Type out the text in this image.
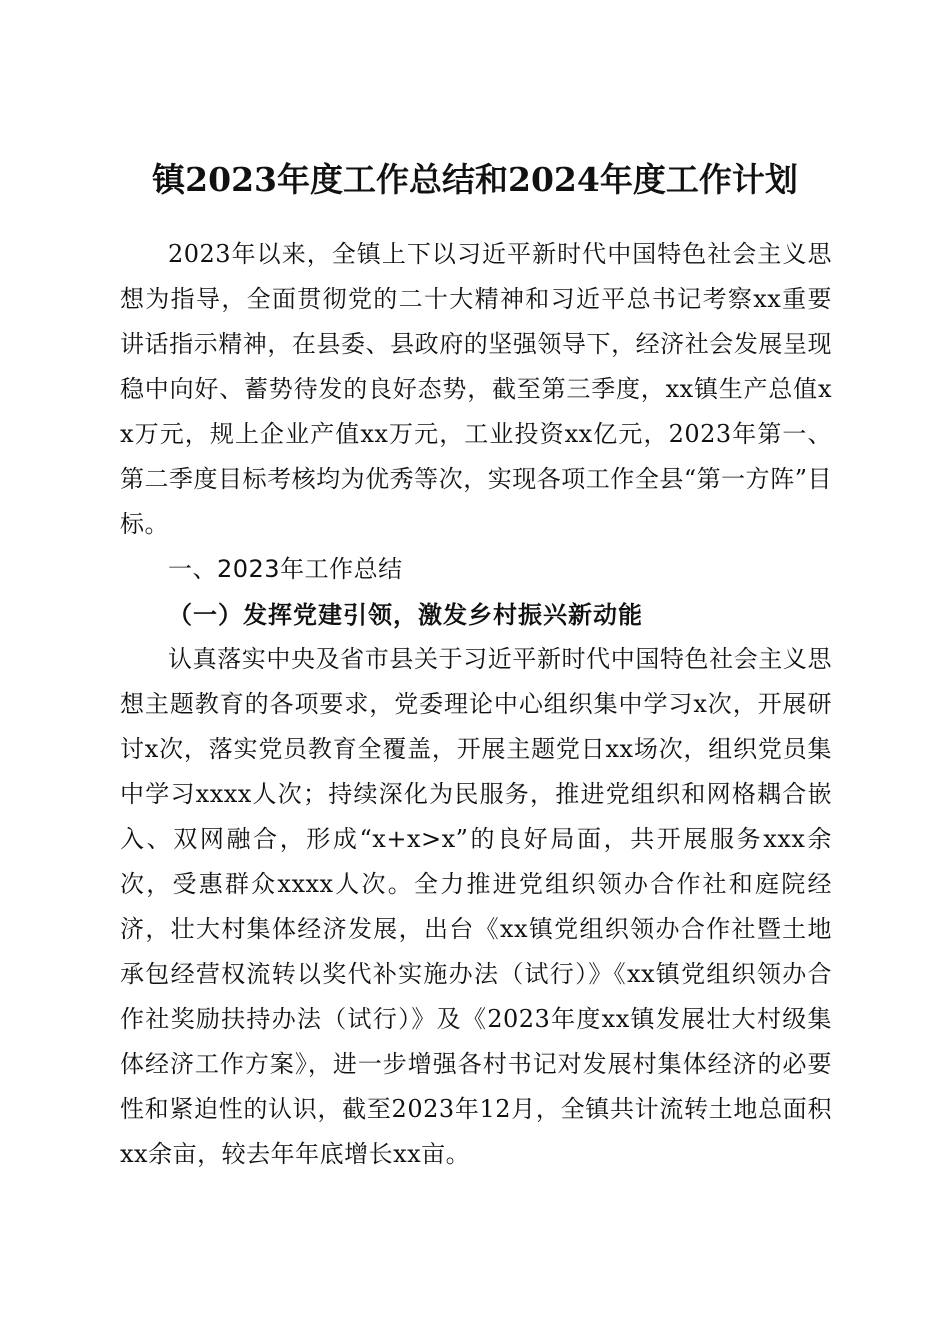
镇2023年度工作总结和2024年度工作计划

2023年以来，全镇上下以习近平新时代中国特色社会主义思想为指导，全面贯彻党的二十大精神和习近平总书记考察xx重要讲话指示精神，在县委、县政府的坚强领导下，经济社会发展呈现稳中向好、蓄势待发的良好态势，截至第三季度，xx镇生产总值xx万元，规上企业产值xx万元，工业投资xx亿元，2023年第一、第二季度目标考核均为优秀等次，实现各项工作全县“第一方阵”目标。

一、2023年工作总结

（一）发挥党建引领，激发乡村振兴新动能

认真落实中央及省市县关于习近平新时代中国特色社会主义思想主题教育的各项要求，党委理论中心组织集中学习x次，开展研讨x次，落实党员教育全覆盖，开展主题党日xx场次，组织党员集中学习xxxx人次；持续深化为民服务，推进党组织和网格耦合嵌入、双网融合，形成“x+x>x”的良好局面，共开展服务xxx余次，受惠群众xxxx人次。全力推进党组织领办合作社和庭院经济，壮大村集体经济发展，出台《xx镇党组织领办合作社暨土地承包经营权流转以奖代补实施办法（试行）》《xx镇党组织领办合作社奖励扶持办法（试行）》及《2023年度xx镇发展壮大村级集体经济工作方案》，进一步增强各村书记对发展村集体经济的必要性和紧迫性的认识，截至2023年12月，全镇共计流转土地总面积xx余亩，较去年年底增长xx亩。
